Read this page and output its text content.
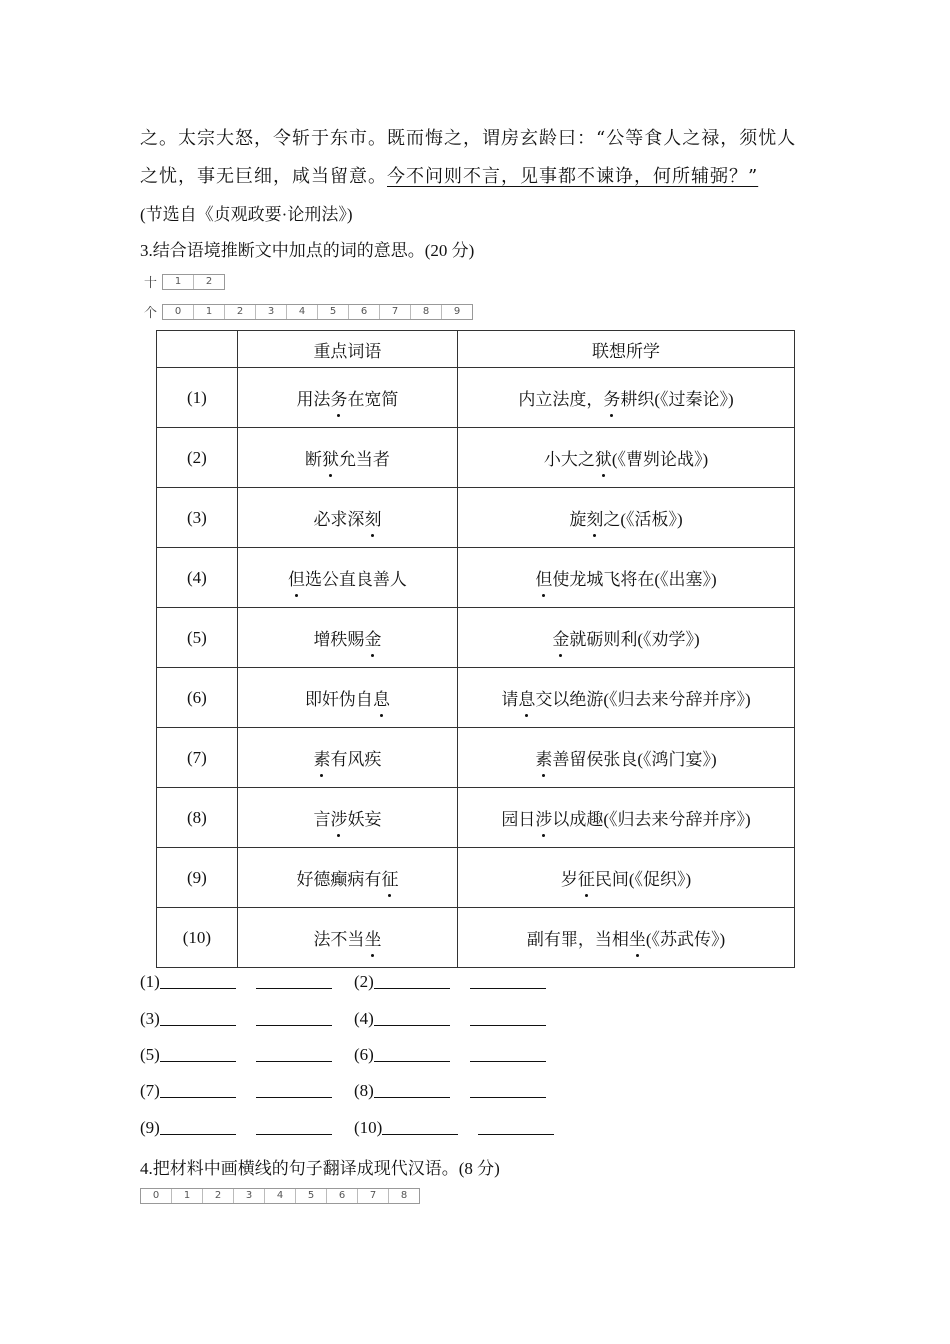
之。太宗大怒，令斩于东市。既而悔之，谓房玄龄曰：“公等食人之禄，须忧人
之忧，事无巨细，咸当留意。今不问则不言，见事都不谏诤，何所辅弼？”
(节选自《贞观政要·论刑法》)
3.结合语境推断文中加点的词的意思。(20 分)
十	1	2
个	0	1	2	3	4	5	6	7	8	9
	重点词语	联想所学
(1)	用法务在宽简	内立法度，务耕织(《过秦论》)
(2)	断狱允当者	小大之狱(《曹刿论战》)
(3)	必求深刻	旋刻之(《活板》)
(4)	但选公直良善人	但使龙城飞将在(《出塞》)
(5)	增秩赐金	金就砺则利(《劝学》)
(6)	即奸伪自息	请息交以绝游(《归去来兮辞并序》)
(7)	素有风疾	素善留侯张良(《鸿门宴》)
(8)	言涉妖妄	园日涉以成趣(《归去来兮辞并序》)
(9)	好德癫病有征	岁征民间(《促织》)
(10)	法不当坐	副有罪，当相坐(《苏武传》)
(1)	(2)
(3)	(4)
(5)	(6)
(7)	(8)
(9)	(10)
4.把材料中画横线的句子翻译成现代汉语。(8 分)
0	1	2	3	4	5	6	7	8
